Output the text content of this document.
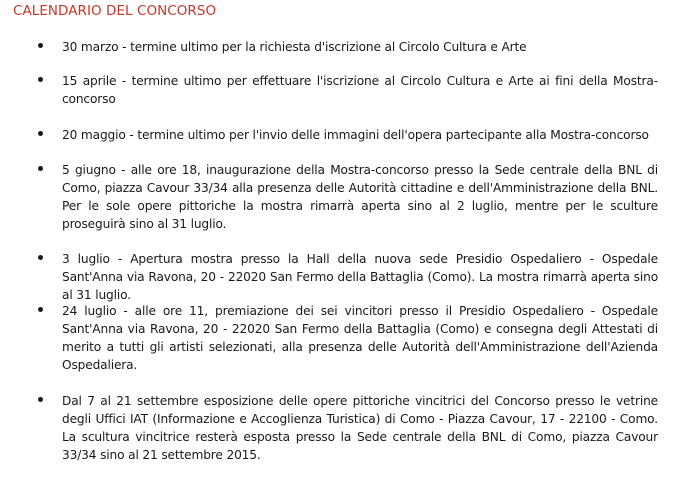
CALENDARIO DEL CONCORSO
30 marzo - termine ultimo per la richiesta d'iscrizione al Circolo Cultura e Arte
15 aprile - termine ultimo per effettuare l'iscrizione al Circolo Cultura e Arte ai fini della Mostra-concorso
20 maggio - termine ultimo per l'invio delle immagini dell'opera partecipante alla Mostra-concorso
5 giugno - alle ore 18, inaugurazione della Mostra-concorso presso la Sede centrale della BNL di Como, piazza Cavour 33/34 alla presenza delle Autorità cittadine e dell'Amministrazione della BNL. Per le sole opere pittoriche la mostra rimarrà aperta sino al 2 luglio, mentre per le sculture proseguirà sino al 31 luglio.
3 luglio - Apertura mostra presso la Hall della nuova sede Presidio Ospedaliero - Ospedale Sant'Anna via Ravona, 20 - 22020 San Fermo della Battaglia (Como). La mostra rimarrà aperta sino al 31 luglio.
24 luglio - alle ore 11, premiazione dei sei vincitori presso il Presidio Ospedaliero - Ospedale Sant'Anna via Ravona, 20 - 22020 San Fermo della Battaglia (Como) e consegna degli Attestati di merito a tutti gli artisti selezionati, alla presenza delle Autorità dell'Amministrazione dell'Azienda Ospedaliera.
Dal 7 al 21 settembre esposizione delle opere pittoriche vincitrici del Concorso presso le vetrine degli Uffici IAT (Informazione e Accoglienza Turistica) di Como - Piazza Cavour, 17 - 22100 - Como. La scultura vincitrice resterà esposta presso la Sede centrale della BNL di Como, piazza Cavour 33/34 sino al 21 settembre 2015.
